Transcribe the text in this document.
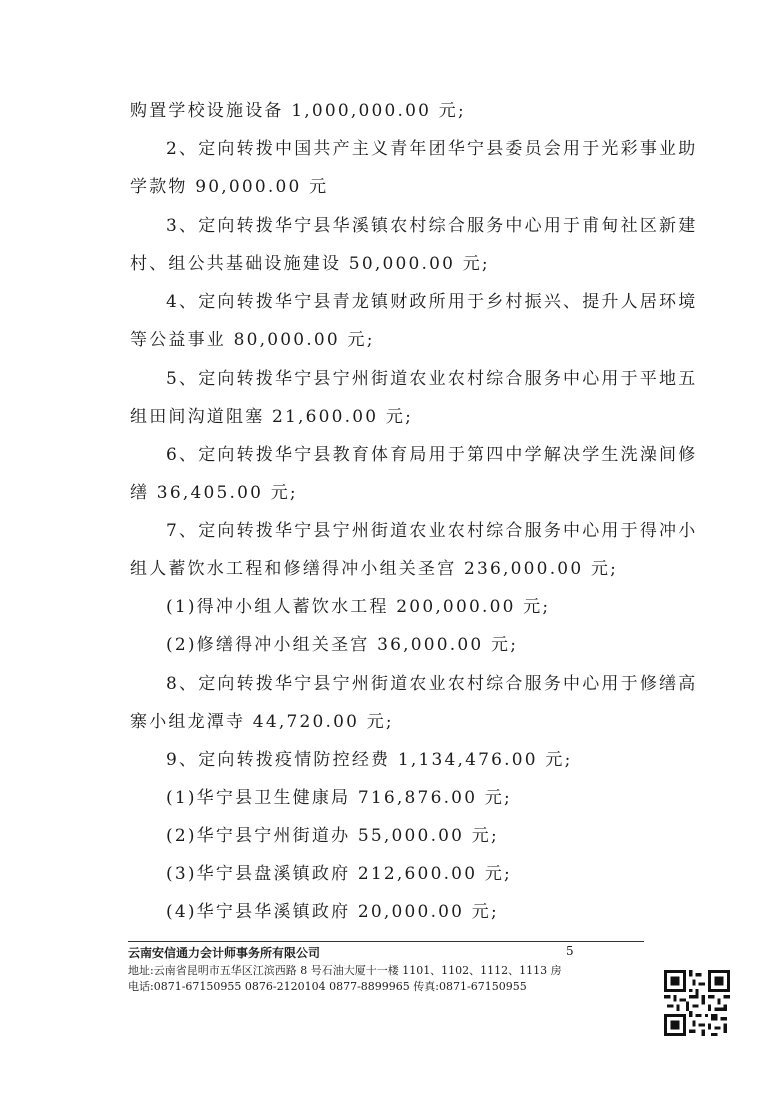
购置学校设施设备 1,000,000.00 元;
2、定向转拨中国共产主义青年团华宁县委员会用于光彩事业助
学款物 90,000.00 元
3、定向转拨华宁县华溪镇农村综合服务中心用于甫甸社区新建
村、组公共基础设施建设 50,000.00 元;
4、定向转拨华宁县青龙镇财政所用于乡村振兴、提升人居环境
等公益事业 80,000.00 元;
5、定向转拨华宁县宁州街道农业农村综合服务中心用于平地五
组田间沟道阻塞 21,600.00 元;
6、定向转拨华宁县教育体育局用于第四中学解决学生洗澡间修
缮 36,405.00 元;
7、定向转拨华宁县宁州街道农业农村综合服务中心用于得冲小
组人蓄饮水工程和修缮得冲小组关圣宫 236,000.00 元;
(1)得冲小组人蓄饮水工程 200,000.00 元;
(2)修缮得冲小组关圣宫 36,000.00 元;
8、定向转拨华宁县宁州街道农业农村综合服务中心用于修缮高
寨小组龙潭寺 44,720.00 元;
9、定向转拨疫情防控经费 1,134,476.00 元;
(1)华宁县卫生健康局 716,876.00 元;
(2)华宁县宁州街道办 55,000.00 元;
(3)华宁县盘溪镇政府 212,600.00 元;
(4)华宁县华溪镇政府 20,000.00 元;
云南安信通力会计师事务所有限公司	5
地址:云南省昆明市五华区江滨西路 8 号石油大厦十一楼 1101、1102、1112、1113 房
电话:0871-67150955 0876-2120104 0877-8899965 传真:0871-67150955
